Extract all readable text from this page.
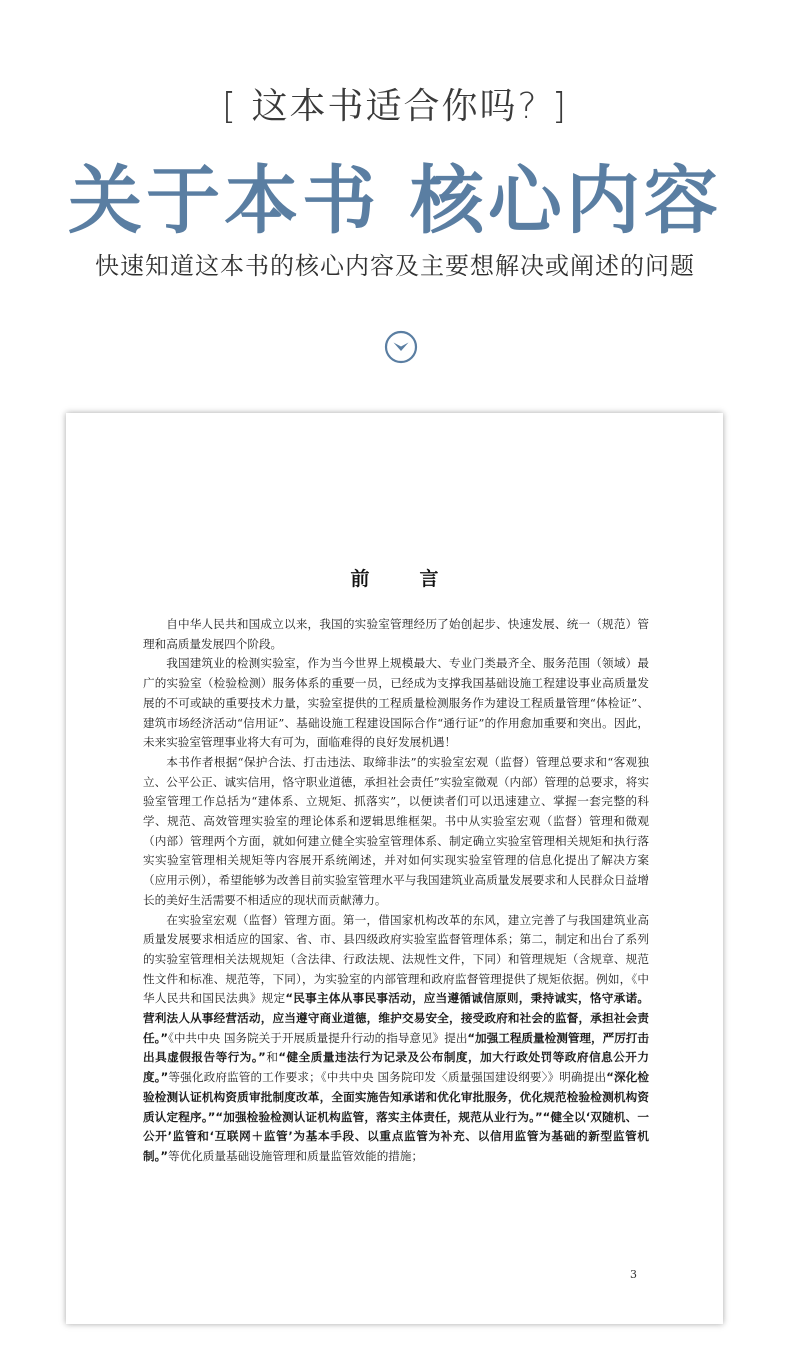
[ 这本书适合你吗? ]
关于本书 核心内容
快速知道这本书的核心内容及主要想解决或阐述的问题
前言

自中华人民共和国成立以来，我国的实验室管理经历了始创起步、快速发展、统一（规范）管理和高质量发展四个阶段。

我国建筑业的检测实验室，作为当今世界上规模最大、专业门类最齐全、服务范围（领域）最广的实验室（检验检测）服务体系的重要一员，已经成为支撑我国基础设施工程建设事业高质量发展的不可或缺的重要技术力量，实验室提供的工程质量检测服务作为建设工程质量管理“体检证”、建筑市场经济活动“信用证”、基础设施工程建设国际合作“通行证”的作用愈加重要和突出。因此，未来实验室管理事业将大有可为，面临难得的良好发展机遇！

本书作者根据“保护合法、打击违法、取缔非法”的实验室宏观（监督）管理总要求和“客观独立、公平公正、诚实信用，恪守职业道德，承担社会责任”实验室微观（内部）管理的总要求，将实验室管理工作总括为“建体系、立规矩、抓落实”，以便读者们可以迅速建立、掌握一套完整的科学、规范、高效管理实验室的理论体系和逻辑思维框架。书中从实验室宏观（监督）管理和微观（内部）管理两个方面，就如何建立健全实验室管理体系、制定确立实验室管理相关规矩和执行落实实验室管理相关规矩等内容展开系统阐述，并对如何实现实验室管理的信息化提出了解决方案（应用示例），希望能够为改善目前实验室管理水平与我国建筑业高质量发展要求和人民群众日益增长的美好生活需要不相适应的现状而贡献薄力。

在实验室宏观（监督）管理方面。第一，借国家机构改革的东风，建立完善了与我国建筑业高质量发展要求相适应的国家、省、市、县四级政府实验室监督管理体系；第二，制定和出台了系列的实验室管理相关法规规矩（含法律、行政法规、法规性文件，下同）和管理规矩（含规章、规范性文件和标准、规范等，下同），为实验室的内部管理和政府监督管理提供了规矩依据。例如，《中华人民共和国民法典》规定“民事主体从事民事活动，应当遵循诚信原则，秉持诚实，恪守承诺。营利法人从事经营活动，应当遵守商业道德，维护交易安全，接受政府和社会的监督，承担社会责任。”《中共中央 国务院关于开展质量提升行动的指导意见》提出“加强工程质量检测管理，严厉打击出具虚假报告等行为。”和“健全质量违法行为记录及公布制度，加大行政处罚等政府信息公开力度。”等强化政府监管的工作要求；《中共中央 国务院印发〈质量强国建设纲要〉》明确提出“深化检验检测认证机构资质审批制度改革，全面实施告知承诺和优化审批服务，优化规范检验检测机构资质认定程序。”“加强检验检测认证机构监管，落实主体责任，规范从业行为。”“健全以‘双随机、一公开’监管和‘互联网＋监管’为基本手段、以重点监管为补充、以信用监管为基础的新型监管机制。”等优化质量基础设施管理和质量监管效能的措施；

3
